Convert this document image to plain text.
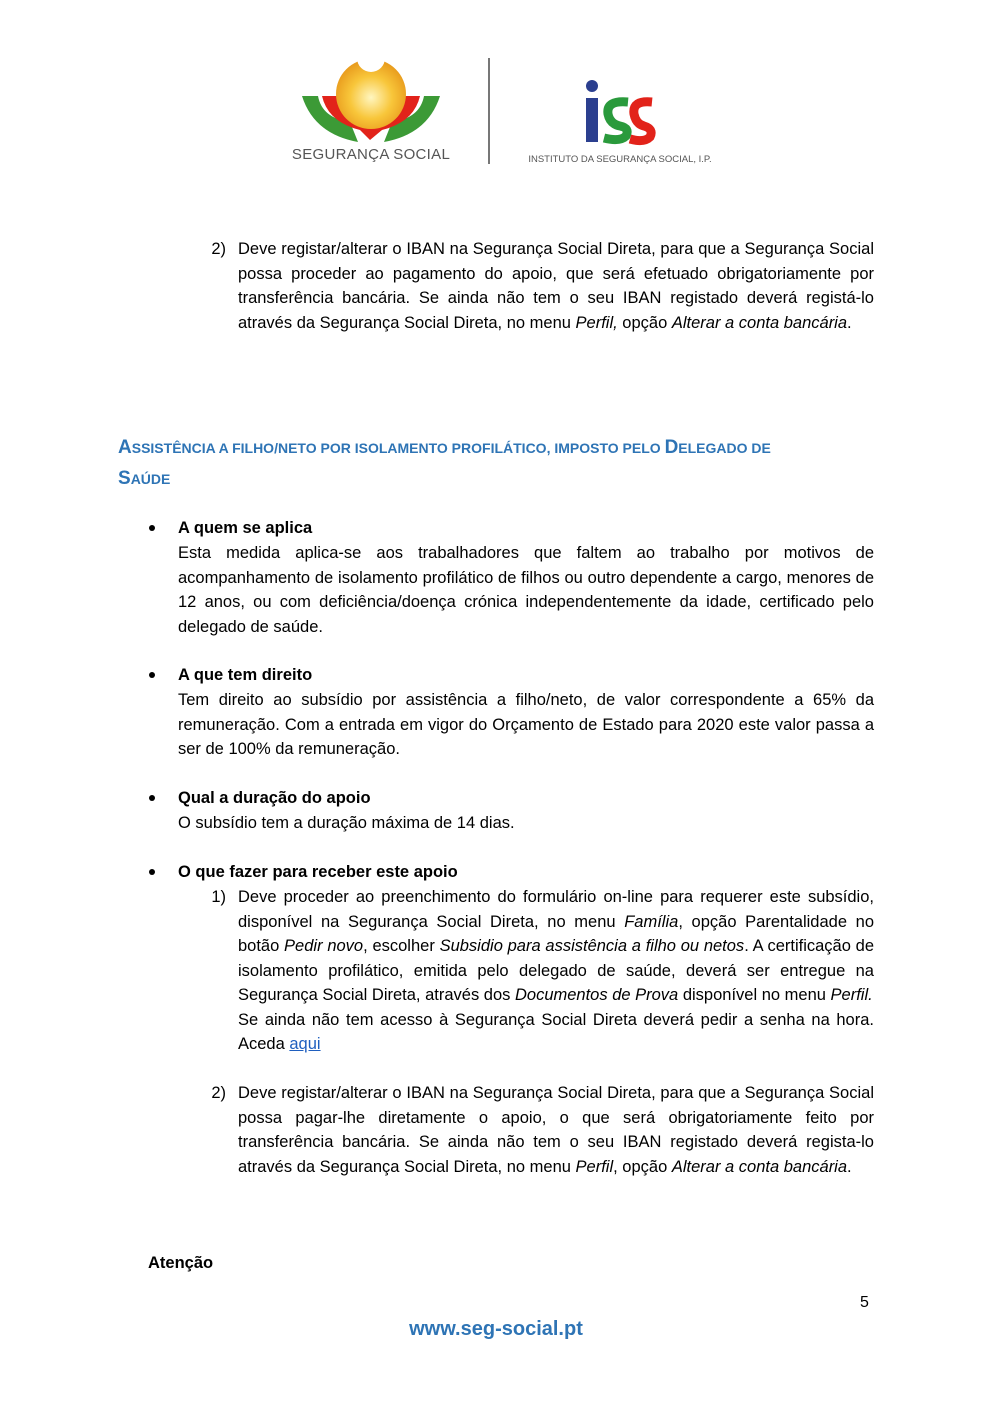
SEGURANÇA SOCIAL	INSTITUTO DA SEGURANÇA SOCIAL, I.P.
2) Deve registar/alterar o IBAN na Segurança Social Direta, para que a Segurança Social possa proceder ao pagamento do apoio, que será efetuado obrigatoriamente por transferência bancária. Se ainda não tem o seu IBAN registado deverá registá-lo através da Segurança Social Direta, no menu Perfil, opção Alterar a conta bancária.
ASSISTÊNCIA A FILHO/NETO POR ISOLAMENTO PROFILÁTICO, IMPOSTO PELO DELEGADO DE
SAÚDE
A quem se aplica
Esta medida aplica-se aos trabalhadores que faltem ao trabalho por motivos de acompanhamento de isolamento profilático de filhos ou outro dependente a cargo, menores de 12 anos, ou com deficiência/doença crónica independentemente da idade, certificado pelo delegado de saúde.
A que tem direito
Tem direito ao subsídio por assistência a filho/neto, de valor correspondente a 65% da remuneração. Com a entrada em vigor do Orçamento de Estado para 2020 este valor passa a ser de 100% da remuneração.
Qual a duração do apoio
O subsídio tem a duração máxima de 14 dias.
O que fazer para receber este apoio
1) Deve proceder ao preenchimento do formulário on-line para requerer este subsídio, disponível na Segurança Social Direta, no menu Família, opção Parentalidade no botão Pedir novo, escolher Subsidio para assistência a filho ou netos. A certificação de isolamento profilático, emitida pelo delegado de saúde, deverá ser entregue na Segurança Social Direta, através dos Documentos de Prova disponível no menu Perfil.
Se ainda não tem acesso à Segurança Social Direta deverá pedir a senha na hora. Aceda aqui
2) Deve registar/alterar o IBAN na Segurança Social Direta, para que a Segurança Social possa pagar-lhe diretamente o apoio, o que será obrigatoriamente feito por transferência bancária. Se ainda não tem o seu IBAN registado deverá regista-lo através da Segurança Social Direta, no menu Perfil, opção Alterar a conta bancária.
Atenção
5
www.seg-social.pt
